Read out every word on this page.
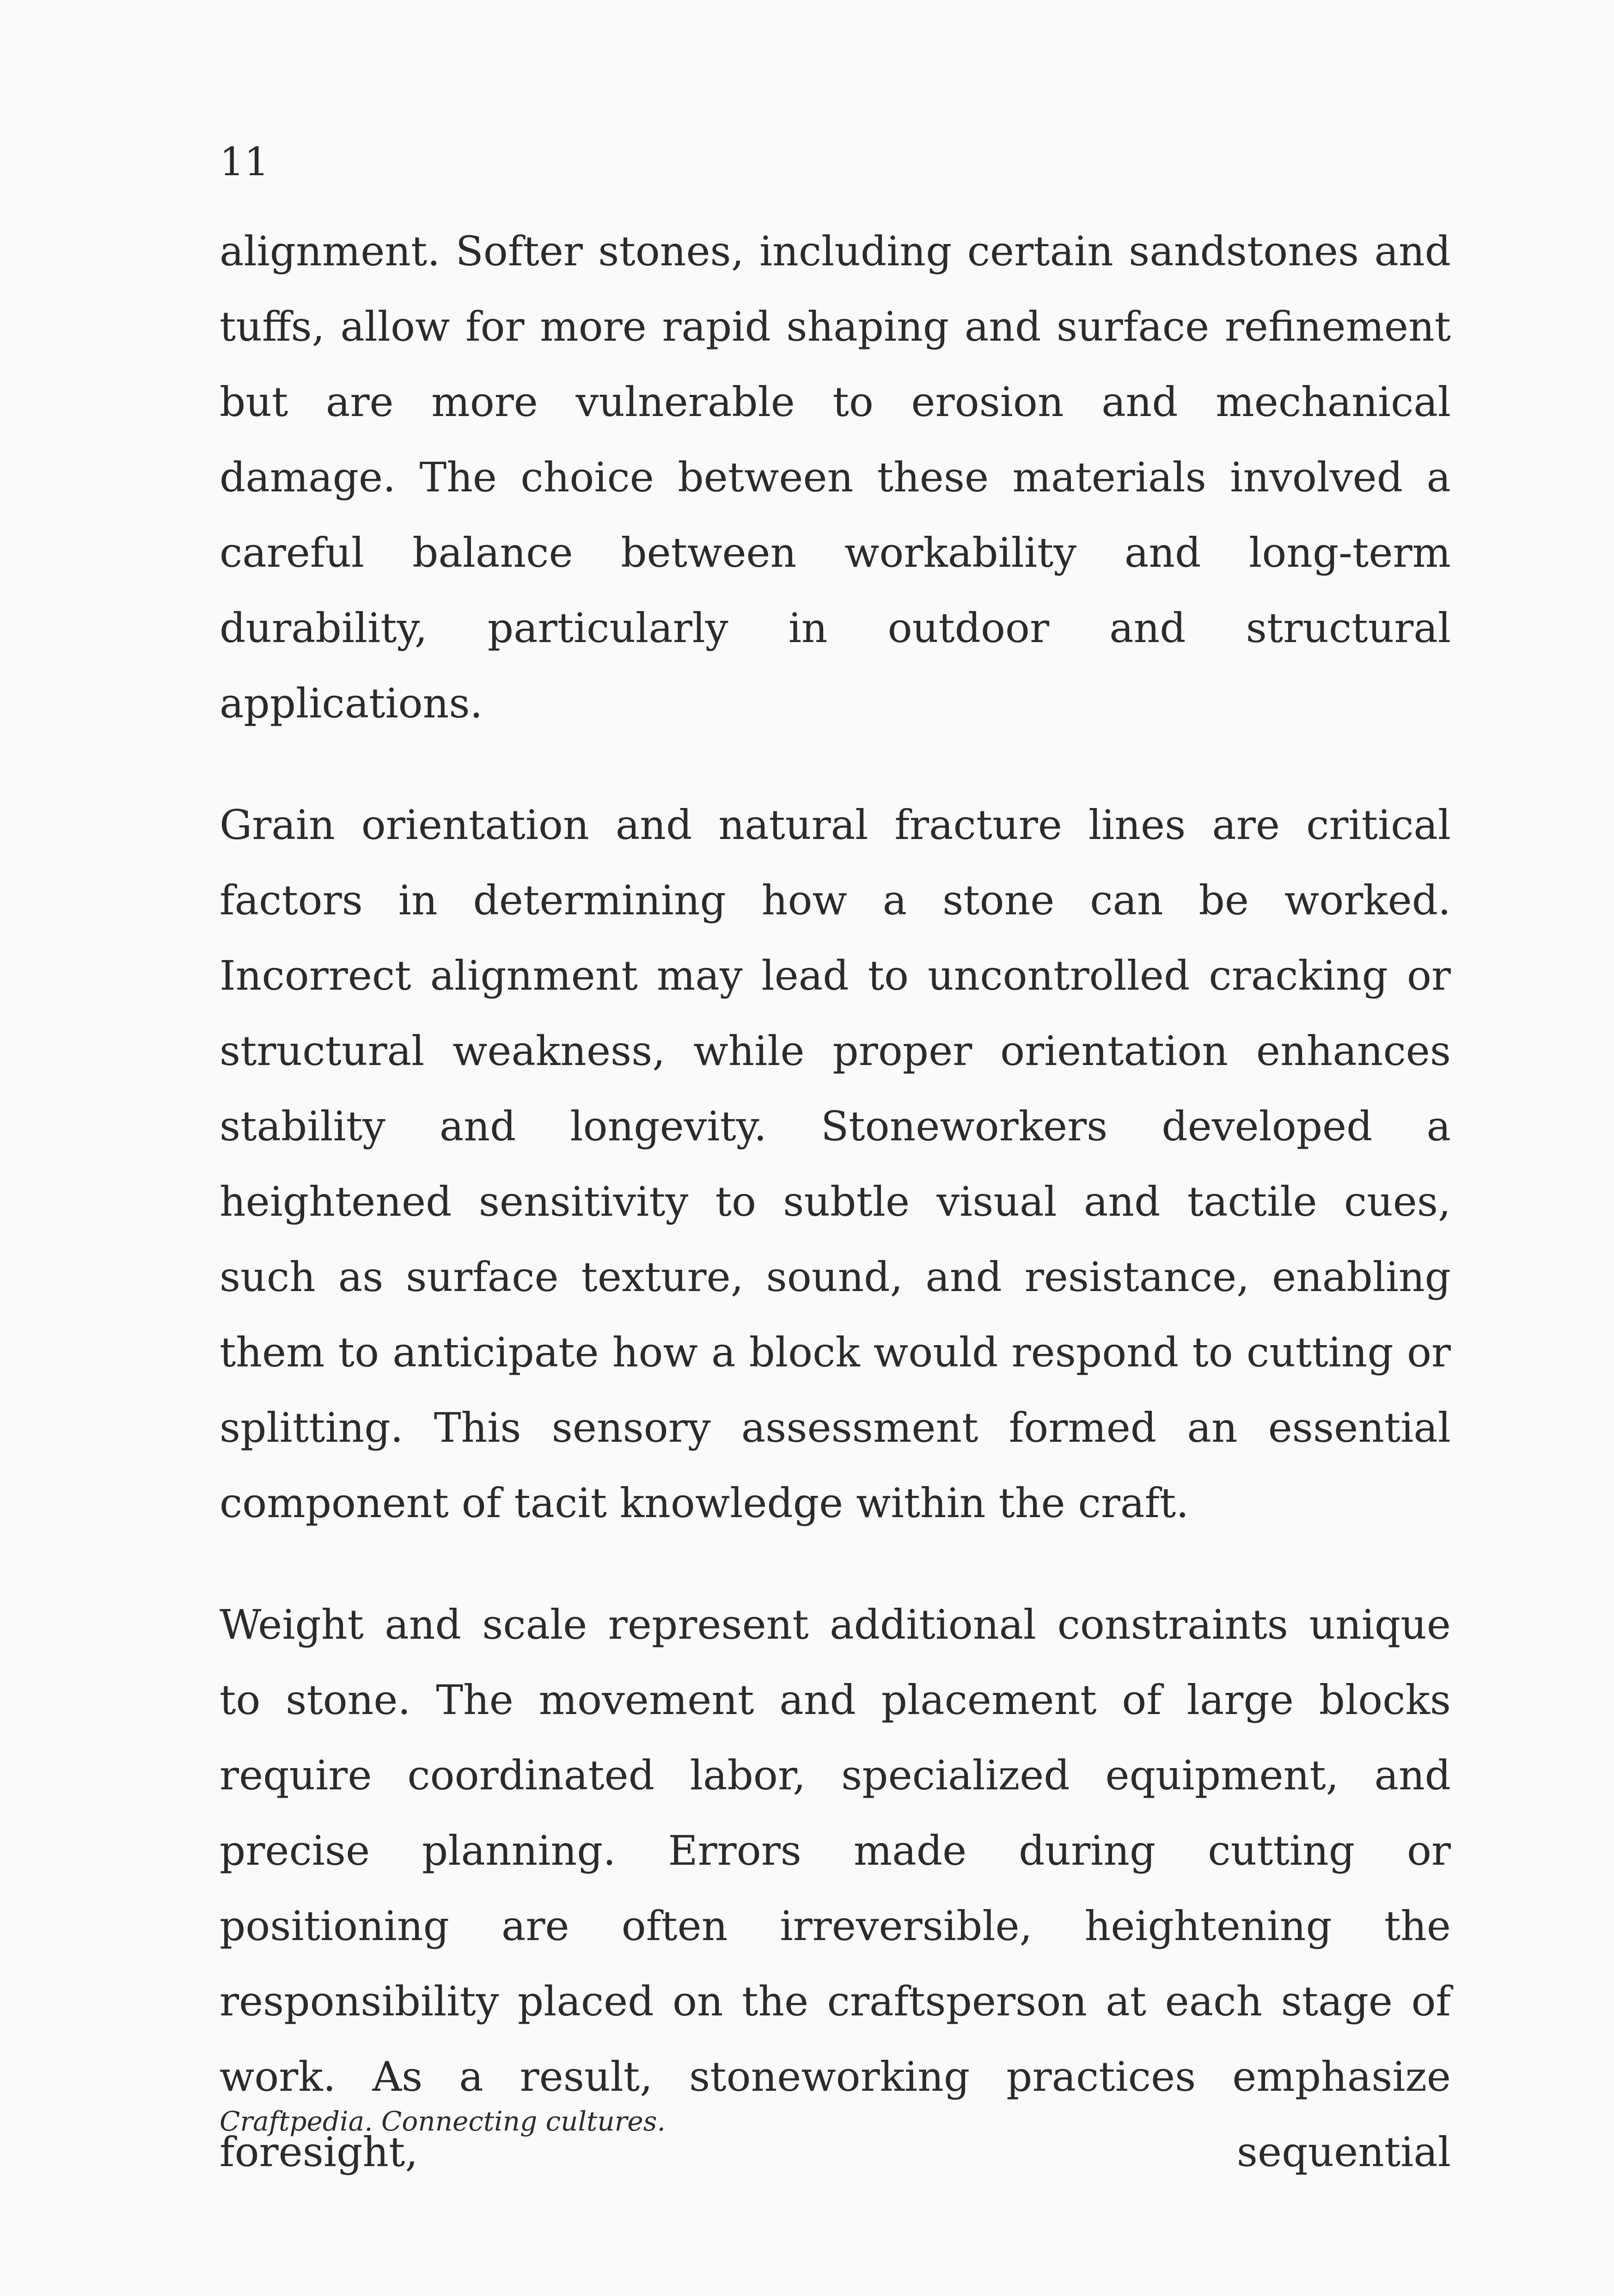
11

alignment. Softer stones, including certain sandstones and tuffs, allow for more rapid shaping and surface refinement but are more vulnerable to erosion and mechanical damage. The choice between these materials involved a careful balance between workability and long-term durability, particularly in outdoor and structural applications.

Grain orientation and natural fracture lines are critical factors in determining how a stone can be worked. Incorrect alignment may lead to uncontrolled cracking or structural weakness, while proper orientation enhances stability and longevity. Stoneworkers developed a heightened sensitivity to subtle visual and tactile cues, such as surface texture, sound, and resistance, enabling them to anticipate how a block would respond to cutting or splitting. This sensory assessment formed an essential component of tacit knowledge within the craft.

Weight and scale represent additional constraints unique to stone. The movement and placement of large blocks require coordinated labor, specialized equipment, and precise planning. Errors made during cutting or positioning are often irreversible, heightening the responsibility placed on the craftsperson at each stage of work. As a result, stoneworking practices emphasize foresight, sequential

Craftpedia. Connecting cultures.
